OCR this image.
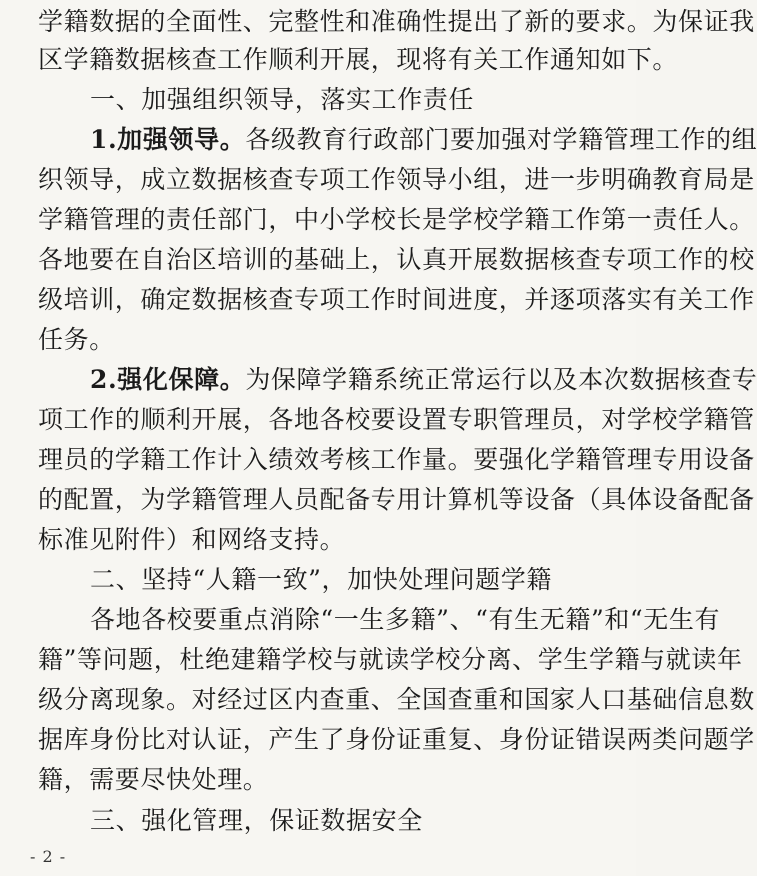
学籍数据的全面性、完整性和准确性提出了新的要求。为保证我
区学籍数据核查工作顺利开展，现将有关工作通知如下。
一、加强组织领导，落实工作责任
1.加强领导。各级教育行政部门要加强对学籍管理工作的组
织领导，成立数据核查专项工作领导小组，进一步明确教育局是
学籍管理的责任部门，中小学校长是学校学籍工作第一责任人。
各地要在自治区培训的基础上，认真开展数据核查专项工作的校
级培训，确定数据核查专项工作时间进度，并逐项落实有关工作
任务。
2.强化保障。为保障学籍系统正常运行以及本次数据核查专
项工作的顺利开展，各地各校要设置专职管理员，对学校学籍管
理员的学籍工作计入绩效考核工作量。要强化学籍管理专用设备
的配置，为学籍管理人员配备专用计算机等设备（具体设备配备
标准见附件）和网络支持。
二、坚持“人籍一致”，加快处理问题学籍
各地各校要重点消除“一生多籍”、“有生无籍”和“无生有
籍”等问题，杜绝建籍学校与就读学校分离、学生学籍与就读年
级分离现象。对经过区内查重、全国查重和国家人口基础信息数
据库身份比对认证，产生了身份证重复、身份证错误两类问题学
籍，需要尽快处理。
- 2 -
三、强化管理，保证数据安全
